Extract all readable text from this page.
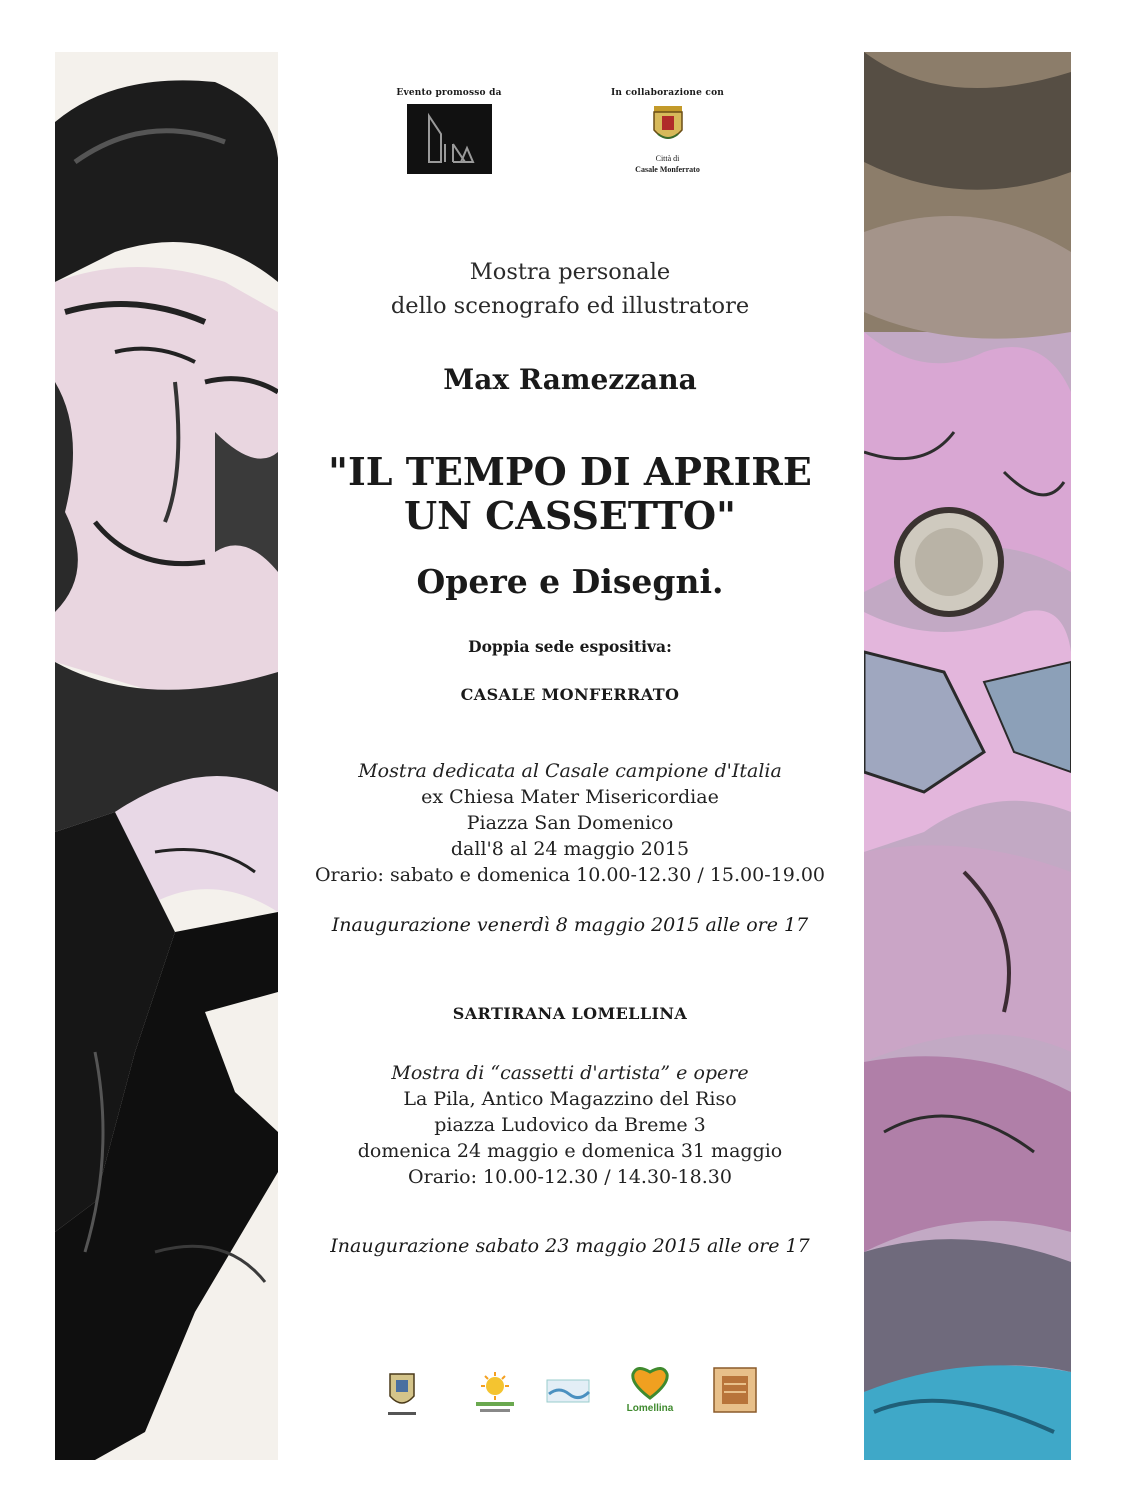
Evento promosso da	In collaborazione con
Città di
Casale Monferrato
Mostra personale
dello scenografo ed illustratore
Max Ramezzana
"IL TEMPO DI APRIRE
UN CASSETTO"
Opere e Disegni.
Doppia sede espositiva:
CASALE MONFERRATO
Mostra dedicata al Casale campione d'Italia
ex Chiesa Mater Misericordiae
Piazza San Domenico
dall'8 al 24 maggio 2015
Orario: sabato e domenica 10.00-12.30 / 15.00-19.00
Inaugurazione venerdì 8 maggio 2015 alle ore 17
SARTIRANA LOMELLINA
Mostra di “cassetti d'artista” e opere
La Pila, Antico Magazzino del Riso
piazza Ludovico da Breme 3
domenica 24 maggio e domenica 31 maggio
Orario: 10.00-12.30 / 14.30-18.30
Inaugurazione sabato 23 maggio 2015 alle ore 17
Lomellina
